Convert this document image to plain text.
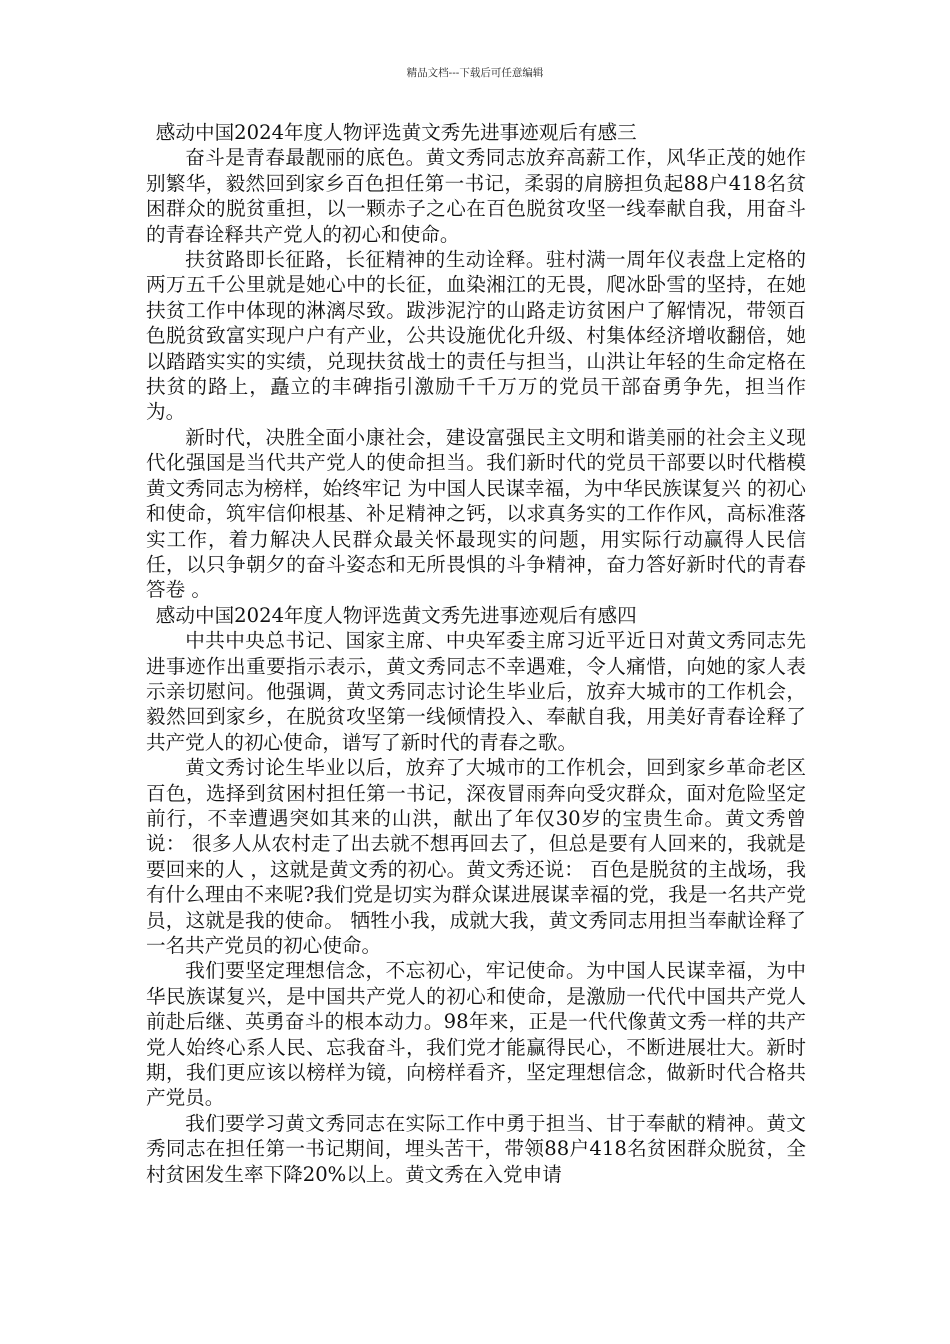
精品文档---下载后可任意编辑
感动中国2024年度人物评选黄文秀先进事迹观后有感三

奋斗是青春最靓丽的底色。黄文秀同志放弃高薪工作，风华正茂的她作别繁华，毅然回到家乡百色担任第一书记，柔弱的肩膀担负起88户418名贫困群众的脱贫重担，以一颗赤子之心在百色脱贫攻坚一线奉献自我，用奋斗的青春诠释共产党人的初心和使命。

扶贫路即长征路，长征精神的生动诠释。驻村满一周年仪表盘上定格的两万五千公里就是她心中的长征，血染湘江的无畏，爬冰卧雪的坚持，在她扶贫工作中体现的淋漓尽致。跋涉泥泞的山路走访贫困户了解情况，带领百色脱贫致富实现户户有产业，公共设施优化升级、村集体经济增收翻倍，她以踏踏实实的实绩，兑现扶贫战士的责任与担当，山洪让年轻的生命定格在扶贫的路上，矗立的丰碑指引激励千千万万的党员干部奋勇争先，担当作为。

新时代，决胜全面小康社会，建设富强民主文明和谐美丽的社会主义现代化强国是当代共产党人的使命担当。我们新时代的党员干部要以时代楷模黄文秀同志为榜样，始终牢记 为中国人民谋幸福，为中华民族谋复兴 的初心和使命，筑牢信仰根基、补足精神之钙，以求真务实的工作作风，高标准落实工作，着力解决人民群众最关怀最现实的问题，用实际行动赢得人民信任，以只争朝夕的奋斗姿态和无所畏惧的斗争精神，奋力答好新时代的青春 答卷 。

感动中国2024年度人物评选黄文秀先进事迹观后有感四

中共中央总书记、国家主席、中央军委主席习近平近日对黄文秀同志先进事迹作出重要指示表示，黄文秀同志不幸遇难，令人痛惜，向她的家人表示亲切慰问。他强调，黄文秀同志讨论生毕业后，放弃大城市的工作机会，毅然回到家乡，在脱贫攻坚第一线倾情投入、奉献自我，用美好青春诠释了共产党人的初心使命，谱写了新时代的青春之歌。

黄文秀讨论生毕业以后，放弃了大城市的工作机会，回到家乡革命老区百色，选择到贫困村担任第一书记，深夜冒雨奔向受灾群众，面对危险坚定前行，不幸遭遇突如其来的山洪，献出了年仅30岁的宝贵生命。黄文秀曾说： 很多人从农村走了出去就不想再回去了，但总是要有人回来的，我就是要回来的人 ，这就是黄文秀的初心。黄文秀还说： 百色是脱贫的主战场，我有什么理由不来呢?我们党是切实为群众谋进展谋幸福的党，我是一名共产党员，这就是我的使命。 牺牲小我，成就大我，黄文秀同志用担当奉献诠释了一名共产党员的初心使命。

我们要坚定理想信念，不忘初心，牢记使命。为中国人民谋幸福，为中华民族谋复兴，是中国共产党人的初心和使命，是激励一代代中国共产党人前赴后继、英勇奋斗的根本动力。98年来，正是一代代像黄文秀一样的共产党人始终心系人民、忘我奋斗，我们党才能赢得民心，不断进展壮大。新时期，我们更应该以榜样为镜，向榜样看齐，坚定理想信念，做新时代合格共产党员。

我们要学习黄文秀同志在实际工作中勇于担当、甘于奉献的精神。黄文秀同志在担任第一书记期间，埋头苦干，带领88户418名贫困群众脱贫，全村贫困发生率下降20%以上。黄文秀在入党申请
